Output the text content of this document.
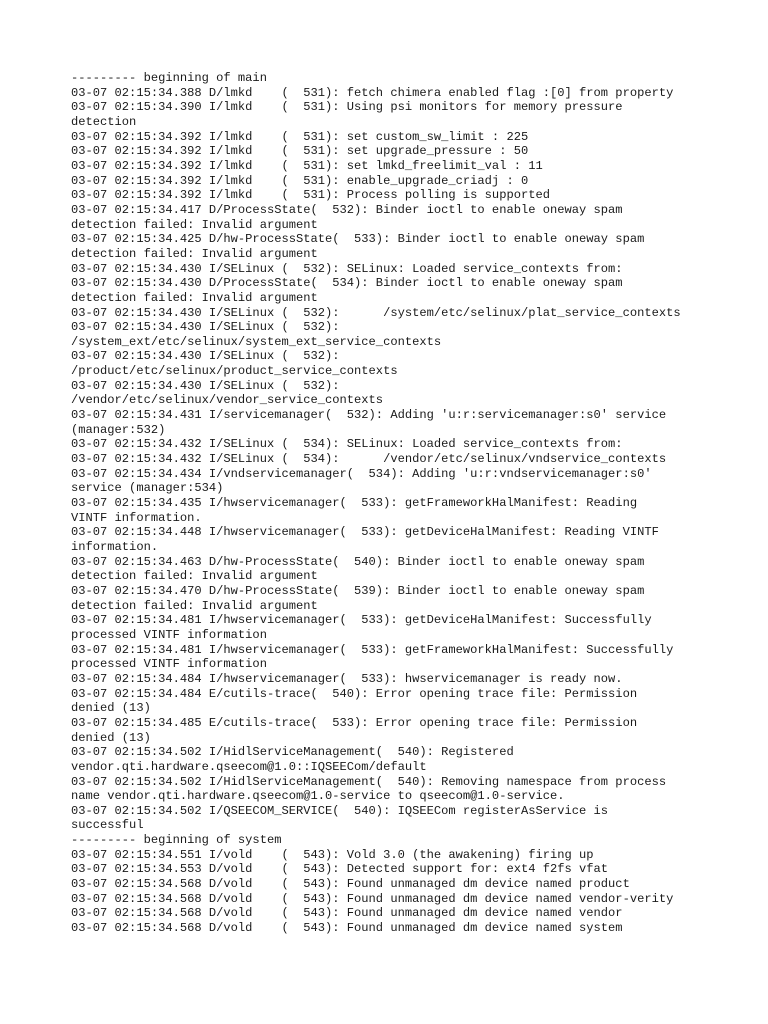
--------- beginning of main
03-07 02:15:34.388 D/lmkd    (  531): fetch chimera enabled flag :[0] from property
03-07 02:15:34.390 I/lmkd    (  531): Using psi monitors for memory pressure
detection
03-07 02:15:34.392 I/lmkd    (  531): set custom_sw_limit : 225
03-07 02:15:34.392 I/lmkd    (  531): set upgrade_pressure : 50
03-07 02:15:34.392 I/lmkd    (  531): set lmkd_freelimit_val : 11
03-07 02:15:34.392 I/lmkd    (  531): enable_upgrade_criadj : 0
03-07 02:15:34.392 I/lmkd    (  531): Process polling is supported
03-07 02:15:34.417 D/ProcessState(  532): Binder ioctl to enable oneway spam
detection failed: Invalid argument
03-07 02:15:34.425 D/hw-ProcessState(  533): Binder ioctl to enable oneway spam
detection failed: Invalid argument
03-07 02:15:34.430 I/SELinux (  532): SELinux: Loaded service_contexts from:
03-07 02:15:34.430 D/ProcessState(  534): Binder ioctl to enable oneway spam
detection failed: Invalid argument
03-07 02:15:34.430 I/SELinux (  532):      /system/etc/selinux/plat_service_contexts
03-07 02:15:34.430 I/SELinux (  532):
/system_ext/etc/selinux/system_ext_service_contexts
03-07 02:15:34.430 I/SELinux (  532):
/product/etc/selinux/product_service_contexts
03-07 02:15:34.430 I/SELinux (  532):
/vendor/etc/selinux/vendor_service_contexts
03-07 02:15:34.431 I/servicemanager(  532): Adding 'u:r:servicemanager:s0' service
(manager:532)
03-07 02:15:34.432 I/SELinux (  534): SELinux: Loaded service_contexts from:
03-07 02:15:34.432 I/SELinux (  534):      /vendor/etc/selinux/vndservice_contexts
03-07 02:15:34.434 I/vndservicemanager(  534): Adding 'u:r:vndservicemanager:s0'
service (manager:534)
03-07 02:15:34.435 I/hwservicemanager(  533): getFrameworkHalManifest: Reading
VINTF information.
03-07 02:15:34.448 I/hwservicemanager(  533): getDeviceHalManifest: Reading VINTF
information.
03-07 02:15:34.463 D/hw-ProcessState(  540): Binder ioctl to enable oneway spam
detection failed: Invalid argument
03-07 02:15:34.470 D/hw-ProcessState(  539): Binder ioctl to enable oneway spam
detection failed: Invalid argument
03-07 02:15:34.481 I/hwservicemanager(  533): getDeviceHalManifest: Successfully
processed VINTF information
03-07 02:15:34.481 I/hwservicemanager(  533): getFrameworkHalManifest: Successfully
processed VINTF information
03-07 02:15:34.484 I/hwservicemanager(  533): hwservicemanager is ready now.
03-07 02:15:34.484 E/cutils-trace(  540): Error opening trace file: Permission
denied (13)
03-07 02:15:34.485 E/cutils-trace(  533): Error opening trace file: Permission
denied (13)
03-07 02:15:34.502 I/HidlServiceManagement(  540): Registered
vendor.qti.hardware.qseecom@1.0::IQSEECom/default
03-07 02:15:34.502 I/HidlServiceManagement(  540): Removing namespace from process
name vendor.qti.hardware.qseecom@1.0-service to qseecom@1.0-service.
03-07 02:15:34.502 I/QSEECOM_SERVICE(  540): IQSEECom registerAsService is
successful
--------- beginning of system
03-07 02:15:34.551 I/vold    (  543): Vold 3.0 (the awakening) firing up
03-07 02:15:34.553 D/vold    (  543): Detected support for: ext4 f2fs vfat
03-07 02:15:34.568 D/vold    (  543): Found unmanaged dm device named product
03-07 02:15:34.568 D/vold    (  543): Found unmanaged dm device named vendor-verity
03-07 02:15:34.568 D/vold    (  543): Found unmanaged dm device named vendor
03-07 02:15:34.568 D/vold    (  543): Found unmanaged dm device named system
